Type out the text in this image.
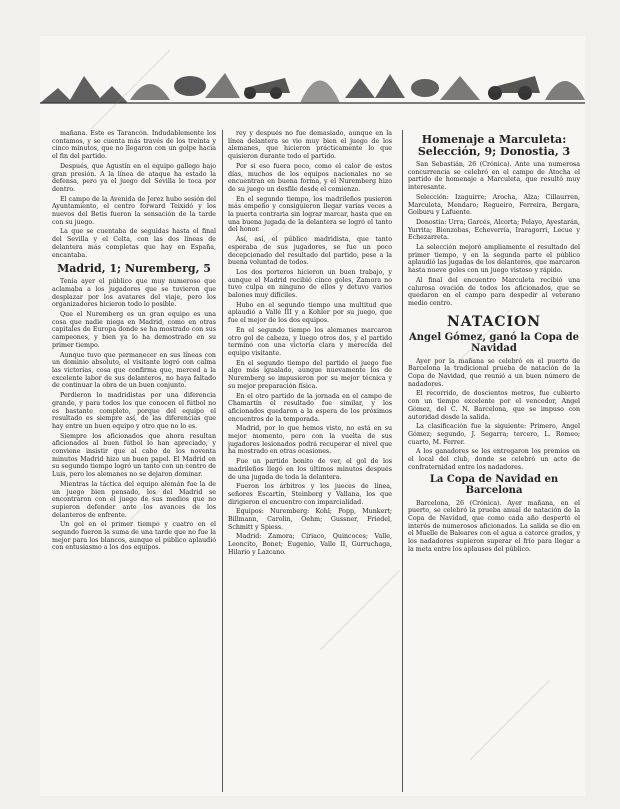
mañana. Este es Tarancón. Indudablemente los contamos, y se cuenta más través de los treinta y cinco minutos, que no llegaron con un golpe hacia el fin del partido.

Después, que Agustín en el equipo gallego bajo gran presión. A la línea de ataque ha estado la defensa, pero ya el juego del Sevilla le toca por dentro.

El campo de la Avenida de Jerez hubo sesión del Ayuntamiento, el centro forward Teixidó y los nuevos del Betis fueron la sensación de la tarde con su juego.

La que se cuentaba de seguidas hasta el final del Sevilla y el Celta, con las dos líneas de delantera más completas que hay en España, encantaba.

Madrid, 1; Nuremberg, 5

Tenía ayer el público que muy numeroso que aclamaba a los jugadores que se tuvieron que desplazar por los avatares del viaje, pero los organizadores hicieron todo lo posible.

Que el Nuremberg es un gran equipo es una cosa que nadie niega en Madrid, como en otras capitales de Europa donde se ha mostrado con sus campeones, y bien ya lo ha demostrado en su primer tiempo.

Aunque tuvo que permanecer en sus líneas con un dominio absoluto, el visitante logró con calma las victorias, cosa que confirma que, merced a la excelente labor de sus delanteros, no haya faltado de continuar la obra de un buen conjunto.

Perdieron lo madridistas por una diferencia grande, y para todos los que conocen el fútbol no es bastante completo, porque del equipo el resultado es siempre así, de las diferencias que hay entre un buen equipo y otro que no lo es.

Siempre los aficionados que ahora resultan aficionados al buen fútbol lo han apreciado, y conviene insistir que al cabo de los noventa minutos Madrid hizo un buen papel. El Madrid en su segundo tiempo logró un tanto con un centro de Luis, pero los alemanes no se dejaron dominar.

Mientras la táctica del equipo alemán fue la de un juego bien pensado, los del Madrid se encontraron con el juego de sus medios que no supieron defender ante los avances de los delanteros de enfrente.

Un gol en el primer tiempo y cuatro en el segundo fueron la suma de una tarde que no fue la mejor para los blancos, aunque el público aplaudió con entusiasmo a los dos equipos.

rey y después no fue demasiado, aunque en la línea delantera se vio muy bien el juego de los alemanes, que hicieron prácticamente lo que quisieron durante todo el partido.

Por si eso fuera poco, como el calor de estos días, muchos de los equipos nacionales no se encuentran en buena forma, y el Nuremberg hizo de su juego un desfile desde el comienzo.

En el segundo tiempo, los madrileños pusieron más empeño y consiguieron llegar varias veces a la puerta contraria sin lograr marcar, hasta que en una buena jugada de la delantera se logró el tanto del honor.

Así, así, el público madridista, que tanto esperaba de sus jugadores, se fue un poco decepcionado del resultado del partido, pese a la buena voluntad de todos.

Los dos porteros hicieron un buen trabajo, y aunque el Madrid recibió cinco goles, Zamora no tuvo culpa en ninguno de ellos y detuvo varios balones muy difíciles.

Hubo en el segundo tiempo una multitud que aplaudió a Vallé III y a Kohler por su juego, que fue el mejor de los dos equipos.

En el segundo tiempo los alemanes marcaron otro gol de cabeza, y luego otros dos, y el partido terminó con una victoria clara y merecida del equipo visitante.

En el segundo tiempo del partido el juego fue algo más igualado, aunque nuevamente los de Nuremberg se impusieron por su mejor técnica y su mejor preparación física.

En el otro partido de la jornada en el campo de Chamartín el resultado fue similar, y los aficionados quedaron a la espera de los próximos encuentros de la temporada.

Madrid, por lo que hemos visto, no está en su mejor momento, pero con la vuelta de sus jugadores lesionados podrá recuperar el nivel que ha mostrado en otras ocasiones.

Fue un partido bonito de ver, el gol de los madrileños llegó en los últimos minutos después de una jugada de toda la delantera.

Fueron los árbitros y los jueces de línea, señores Escartín, Steinberg y Vallana, los que dirigieron el encuentro con imparcialidad.

Equipos: Nuremberg: Kohl; Popp, Munkert; Billmann, Carolin, Oehm; Gussner, Friedel, Schmitt y Spiess.

Madrid: Zamora; Ciriaco, Quincoces; Valle, Leoncito, Bonet; Eugenio, Valle II, Gurruchaga, Hilario y Lazcano.

Homenaje a Marculeta: Selección, 9; Donostia, 3

San Sebastián, 26 (Crónica). Ante una numerosa concurrencia se celebró en el campo de Atocha el partido de homenaje a Marculeta, que resultó muy interesante.

Selección: Izaguirre; Arocha, Alza; Cillaurren, Marculeta, Mendaro; Regueiro, Ferreira, Bergara, Goiburu y Lafuente.

Donostia: Urra; Garcés, Alcorta; Pelayo, Ayestarán, Yurrita; Bienzobas, Echeverría, Iraragorri, Lecue y Echezarreta.

La selección mejoró ampliamente el resultado del primer tiempo, y en la segunda parte el público aplaudió las jugadas de los delanteros, que marcaron hasta nueve goles con un juego vistoso y rápido.

Al final del encuentro Marculeta recibió una calurosa ovación de todos los aficionados, que se quedaron en el campo para despedir al veterano medio centro.

NATACION
Angel Gómez, ganó la Copa de Navidad

Ayer por la mañana se celebró en el puerto de Barcelona la tradicional prueba de natación de la Copa de Navidad, que reunió a un buen número de nadadores.

El recorrido, de doscientos metros, fue cubierto con un tiempo excelente por el vencedor, Angel Gómez, del C. N. Barcelona, que se impuso con autoridad desde la salida.

La clasificación fue la siguiente: Primero, Angel Gómez; segundo, J. Segarra; tercero, L. Romeo; cuarto, M. Ferrer.

A los ganadores se les entregaron los premios en el local del club, donde se celebró un acto de confraternidad entre los nadadores.

La Copa de Navidad en Barcelona

Barcelona, 26 (Crónica). Ayer mañana, en el puerto, se celebró la prueba anual de natación de la Copa de Navidad, que como cada año despertó el interés de numerosos aficionados. La salida se dio en el Muelle de Baleares con el agua a catorce grados, y los nadadores supieron superar el frío para llegar a la meta entre los aplausos del público.
